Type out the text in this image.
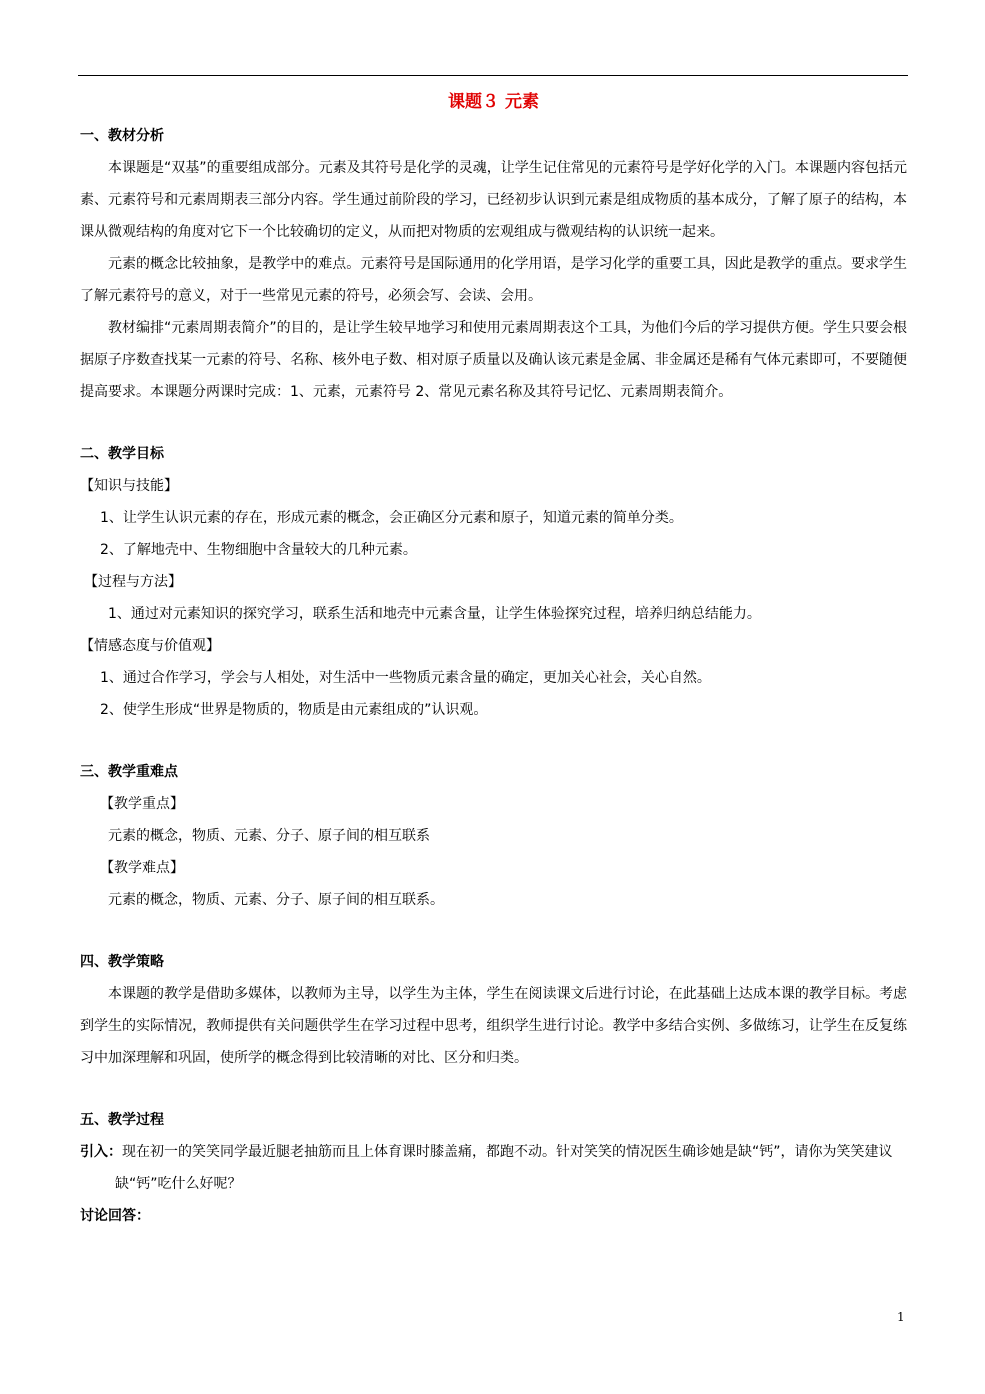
课题３ 元素
一、教材分析
本课题是“双基”的重要组成部分。元素及其符号是化学的灵魂，让学生记住常见的元素符号是学好化学的入门。本课题内容包括元素、元素符号和元素周期表三部分内容。学生通过前阶段的学习，已经初步认识到元素是组成物质的基本成分，了解了原子的结构，本课从微观结构的角度对它下一个比较确切的定义，从而把对物质的宏观组成与微观结构的认识统一起来。
元素的概念比较抽象，是教学中的难点。元素符号是国际通用的化学用语，是学习化学的重要工具，因此是教学的重点。要求学生了解元素符号的意义，对于一些常见元素的符号，必须会写、会读、会用。
教材编排“元素周期表简介”的目的，是让学生较早地学习和使用元素周期表这个工具，为他们今后的学习提供方便。学生只要会根据原子序数查找某一元素的符号、名称、核外电子数、相对原子质量以及确认该元素是金属、非金属还是稀有气体元素即可，不要随便提高要求。本课题分两课时完成：1、元素，元素符号 2、常见元素名称及其符号记忆、元素周期表简介。
二、教学目标
【知识与技能】
1、让学生认识元素的存在，形成元素的概念，会正确区分元素和原子，知道元素的简单分类。
2、了解地壳中、生物细胞中含量较大的几种元素。
【过程与方法】
1、通过对元素知识的探究学习，联系生活和地壳中元素含量，让学生体验探究过程，培养归纳总结能力。
【情感态度与价值观】
1、通过合作学习，学会与人相处，对生活中一些物质元素含量的确定，更加关心社会，关心自然。
2、使学生形成“世界是物质的，物质是由元素组成的”认识观。
三、教学重难点
【教学重点】
元素的概念，物质、元素、分子、原子间的相互联系
【教学难点】
元素的概念，物质、元素、分子、原子间的相互联系。
四、教学策略
本课题的教学是借助多媒体，以教师为主导，以学生为主体，学生在阅读课文后进行讨论，在此基础上达成本课的教学目标。考虑到学生的实际情况，教师提供有关问题供学生在学习过程中思考，组织学生进行讨论。教学中多结合实例、多做练习，让学生在反复练习中加深理解和巩固，使所学的概念得到比较清晰的对比、区分和归类。
五、教学过程
引入：现在初一的笑笑同学最近腿老抽筋而且上体育课时膝盖痛，都跑不动。针对笑笑的情况医生确诊她是缺“钙”，请你为笑笑建议缺“钙”吃什么好呢？
讨论回答：
1
